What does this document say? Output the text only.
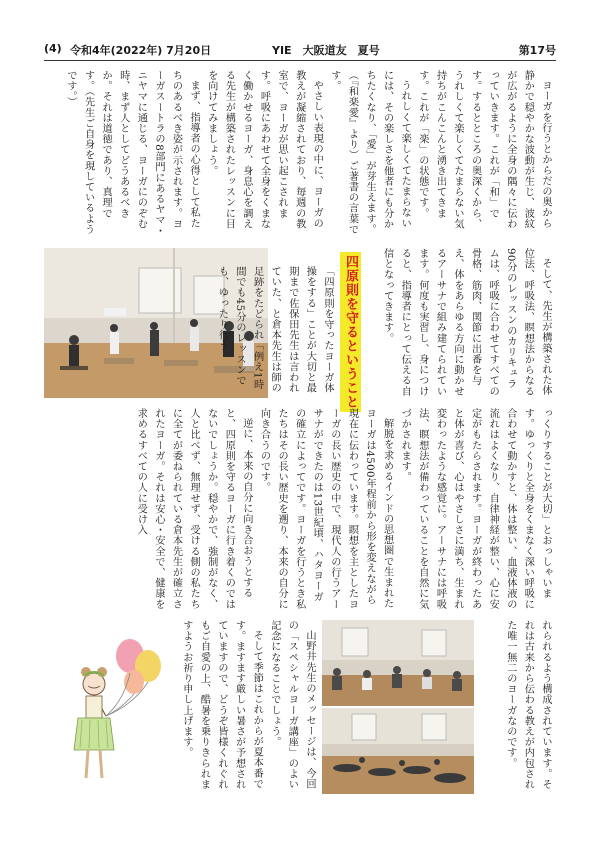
(4) 令和4年(2022年) 7月20日	YIE　大阪道友　夏号	第17号

ヨーガを行うとからだの奥から静かで穏やかな波動が生じ、波紋が広がるように全身の隅々に伝わっていきます。これが「和」です。するとところの奥深くから、うれしくて楽しくてたまらない気持ちがこんこんと湧き出てきます。これが「楽」の状態です。

うれしくて楽しくてたまらないには、その楽しさを他者にも分かちたくなり、「愛」が芽生えます。（『和楽愛』より）ご著書の言葉です。

やさしい表現の中に、ヨーガの教えが凝縮されており、毎週の教室で、ヨーガが思い起こされます。呼吸にあわせて全身をくまなく働かせるヨーガ、身息心を調える先生が構築されたレッスンに目を向けてみましょう。

まず、指導者の心得として私たちのあるべき姿が示されます。ヨーガスートラの8部門にあるヤマ・ニヤマに通じる、ヨーガにのぞむ時、まず人としてどうあるべきか。それは道徳であり、真理です。（先生ご自身を現しているようです。）

そして、先生が構築された体位法、呼吸法、瞑想法からなる90分のレッスンのカリキュラムは、呼吸に合わせてすべての骨格、筋肉、関節に出番を与え、体をあらゆる方向に動かせるアーサナで組み建てられています。何度も実習し、身につけると、指導者にとって伝える自信となってきます。

四原則を守るということ

「四原則を守ったヨーガ体操をする」ことが大切と最期まで佐保田先生は言われていた、と倉本先生は師の足跡をたどられ「例え1時間でも45分のレッスンでも、ゆったり行う

っくりすることが大切」とおっしゃいます。ゆっくりと全身をくまなく深い呼吸に合わせて動かすと、体は整い、血液体液の流れはよくなり、自律神経が整い、心に安定がもたらされます。ヨーガが終わったあと体が喜び、心はやさしさに満ち、生まれ変わったような感覚に。アーサナには呼吸法、瞑想法が備わっていることを自然に気づかされます。

解脱を求めるインドの思想圏で生まれたヨーガは4500年程前から形を変えながら現在に伝わっています。瞑想を主としたヨーガの長い歴史の中で、現代人の行うアーサナができたのは13世紀頃、ハタヨーガの確立によってです。ヨーガを行うとき私たちはその長い歴史を遡り、本来の自分に向き合うのです。

逆に、本来の自分に向き合おうとすると、四原則を守るヨーガに行き着くのではないでしょうか。穏やかで、強制がなく、人と比べず、無理せず、受ける側の私たちに全てが委ねられている倉本先生が確立されたヨーガ。それは安心・安全で、健康を求めるすべての人に受け入

れられるよう構成されています。それは古来から伝わる教えが内包された唯一無二のヨーガなのです。

山野井先生のメッセージは、今回の「スペシャルヨーガ講座」のよい記念になることでしょう。

そして季節はこれからが夏本番です。ますます厳しい暑さが予想されていますので、どうぞ皆様くれぐれもご自愛の上、酷暑を乗りきられますようお祈り申し上げます。
